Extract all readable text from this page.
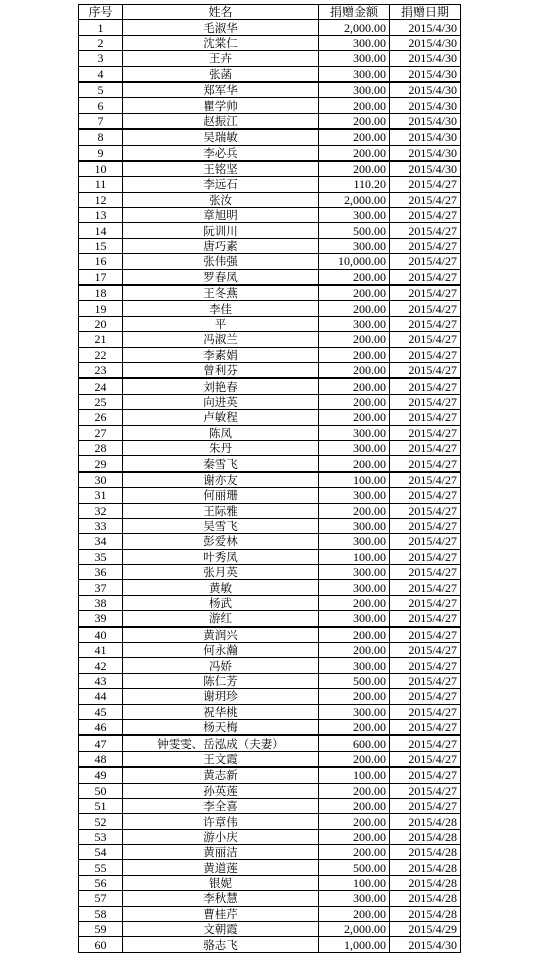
序号	姓名	捐赠金额	捐赠日期
1	毛淑华	2,000.00	2015/4/30
2	沈棠仁	300.00	2015/4/30
3	王卉	300.00	2015/4/30
4	张菡	300.00	2015/4/30
5	郑军华	300.00	2015/4/30
6	瞿学帅	200.00	2015/4/30
7	赵振江	200.00	2015/4/30
8	吴瑞敏	200.00	2015/4/30
9	李必兵	200.00	2015/4/30
10	王铭坚	200.00	2015/4/30
11	李远石	110.20	2015/4/27
12	张汝	2,000.00	2015/4/27
13	章旭明	300.00	2015/4/27
14	阮训川	500.00	2015/4/27
15	唐巧素	300.00	2015/4/27
16	张伟强	10,000.00	2015/4/27
17	罗春凤	200.00	2015/4/27
18	王冬燕	200.00	2015/4/27
19	李佳	200.00	2015/4/27
20	平	300.00	2015/4/27
21	冯淑兰	200.00	2015/4/27
22	李素娟	200.00	2015/4/27
23	曾利芬	200.00	2015/4/27
24	刘艳春	200.00	2015/4/27
25	向进英	200.00	2015/4/27
26	卢敏程	200.00	2015/4/27
27	陈凤	300.00	2015/4/27
28	朱丹	300.00	2015/4/27
29	秦雪飞	200.00	2015/4/27
30	谢亦友	100.00	2015/4/27
31	何丽珊	300.00	2015/4/27
32	王际雅	200.00	2015/4/27
33	吴雪飞	300.00	2015/4/27
34	彭爱林	300.00	2015/4/27
35	叶秀凤	100.00	2015/4/27
36	张月英	300.00	2015/4/27
37	黄敏	300.00	2015/4/27
38	杨武	200.00	2015/4/27
39	游红	300.00	2015/4/27
40	黄润兴	200.00	2015/4/27
41	何永瀚	200.00	2015/4/27
42	冯娇	300.00	2015/4/27
43	陈仁芳	500.00	2015/4/27
44	谢玥珍	200.00	2015/4/27
45	祝华桃	300.00	2015/4/27
46	杨天梅	200.00	2015/4/27
47	钟雯雯、岳泓成（夫妻）	600.00	2015/4/27
48	王文霞	200.00	2015/4/27
49	黄志新	100.00	2015/4/27
50	孙英莲	200.00	2015/4/27
51	李全喜	200.00	2015/4/27
52	许章伟	200.00	2015/4/28
53	游小庆	200.00	2015/4/28
54	黄丽洁	200.00	2015/4/28
55	黄道莲	500.00	2015/4/28
56	银妮	100.00	2015/4/28
57	李秋慧	300.00	2015/4/28
58	曹桂芹	200.00	2015/4/28
59	文朝霞	2,000.00	2015/4/29
60	骆志飞	1,000.00	2015/4/30
